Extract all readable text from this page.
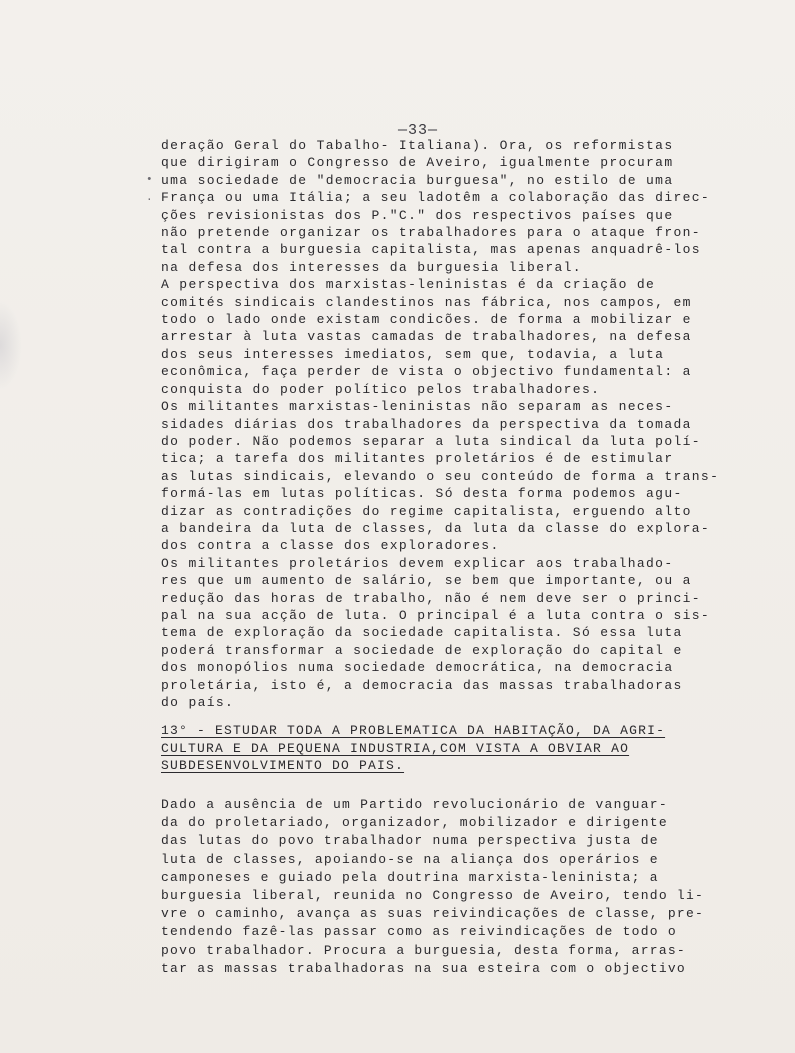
•
.
—33—
deração Geral do Tabalho- Italiana). Ora, os reformistas
que dirigiram o Congresso de Aveiro, igualmente procuram
uma sociedade de "democracia burguesa", no estilo de uma
França ou uma Itália; a seu ladotêm a colaboração das direc-
ções revisionistas dos P."C." dos respectivos países que
não pretende organizar os trabalhadores para o ataque fron-
tal contra a burguesia capitalista, mas apenas anquadrê-los
na defesa dos interesses da burguesia liberal.
A perspectiva dos marxistas-leninistas é da criação de
comités sindicais clandestinos nas fábrica, nos campos, em
todo o lado onde existam condicões. de forma a mobilizar e
arrestar à luta vastas camadas de trabalhadores, na defesa
dos seus interesses imediatos, sem que, todavia, a luta
econômica, faça perder de vista o objectivo fundamental: a
conquista do poder político pelos trabalhadores.
Os militantes marxistas-leninistas não separam as neces-
sidades diárias dos trabalhadores da perspectiva da tomada
do poder. Não podemos separar a luta sindical da luta polí-
tica; a tarefa dos militantes proletários é de estimular
as lutas sindicais, elevando o seu conteúdo de forma a trans-
formá-las em lutas políticas. Só desta forma podemos agu-
dizar as contradições do regime capitalista, erguendo alto
a bandeira da luta de classes, da luta da classe do explora-
dos contra a classe dos exploradores.
Os militantes proletários devem explicar aos trabalhado-
res que um aumento de salário, se bem que importante, ou a
redução das horas de trabalho, não é nem deve ser o princi-
pal na sua acção de luta. O principal é a luta contra o sis-
tema de exploração da sociedade capitalista. Só essa luta
poderá transformar a sociedade de exploração do capital e
dos monopólios numa sociedade democrática, na democracia
proletária, isto é, a democracia das massas trabalhadoras
do país.
13° - ESTUDAR TODA A PROBLEMATICA DA HABITAÇÃO, DA AGRI-
CULTURA E DA PEQUENA INDUSTRIA,COM VISTA A OBVIAR AO
SUBDESENVOLVIMENTO DO PAIS.
Dado a ausência de um Partido revolucionário de vanguar-
da do proletariado, organizador, mobilizador e dirigente
das lutas do povo trabalhador numa perspectiva justa de
luta de classes, apoiando-se na aliança dos operários e
camponeses e guiado pela doutrina marxista-leninista; a
burguesia liberal, reunida no Congresso de Aveiro, tendo li-
vre o caminho, avança as suas reivindicações de classe, pre-
tendendo fazê-las passar como as reivindicações de todo o
povo trabalhador. Procura a burguesia, desta forma, arras-
tar as massas trabalhadoras na sua esteira com o objectivo
